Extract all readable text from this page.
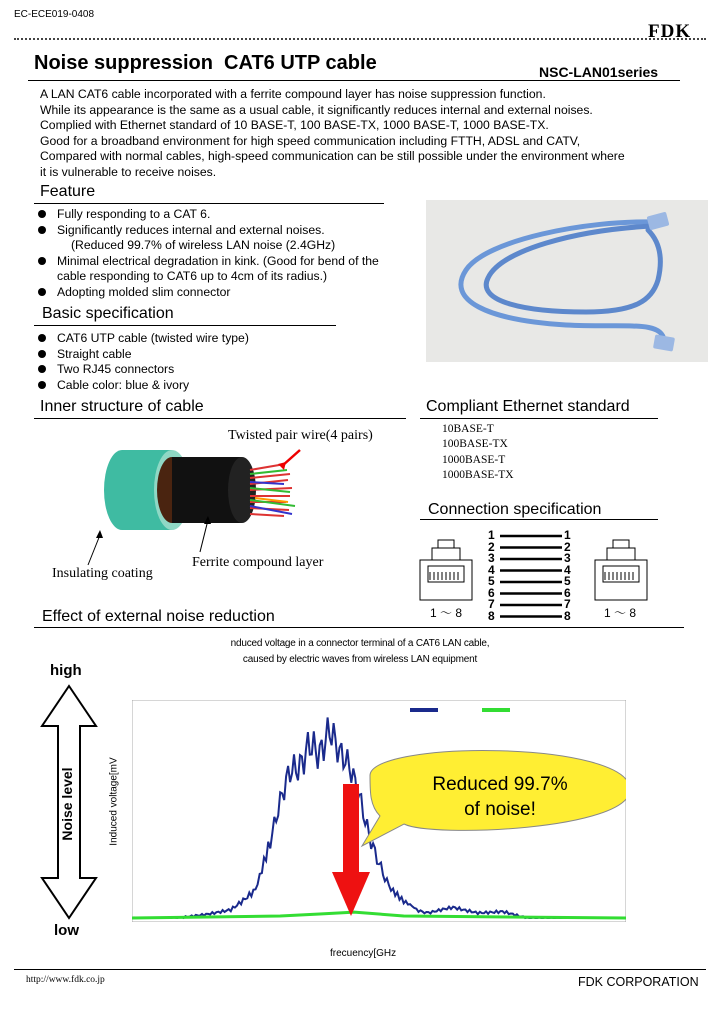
EC-ECE019-0408
FDK
Noise suppression  CAT6 UTP cable	NSC-LAN01series
A LAN CAT6 cable incorporated with a ferrite compound layer has noise suppression function.
While its appearance is the same as a usual cable, it significantly reduces internal and external noises.
Complied with Ethernet standard of 10 BASE-T, 100 BASE-TX, 1000 BASE-T, 1000 BASE-TX.
Good for a broadband environment for high speed communication including FTTH, ADSL and CATV,
Compared with normal cables, high-speed communication can be still possible under the environment where
it is vulnerable to receive noises.
Feature
Fully responding to a CAT 6.
Significantly reduces internal and external noises.
(Reduced 99.7% of wireless LAN noise (2.4GHz)
Minimal electrical degradation in kink. (Good for bend of the
cable responding to CAT6 up to 4cm of its radius.)
Adopting molded slim connector
Basic specification
CAT6 UTP cable (twisted wire type)
Straight cable
Two RJ45 connectors
Cable color: blue & ivory
Inner structure of cable
Twisted pair wire(4 pairs)
Ferrite compound layer
Insulating coating
Compliant Ethernet standard
10BASE-T
100BASE-TX
1000BASE-T
1000BASE-TX
Connection specification
1 〜 8
1
2
3
4
5
6
7
8
1
2
3
4
5
6
7
8	1 〜 8
Effect of external noise reduction
nduced voltage in a connector terminal of a CAT6 LAN cable,
caused by electric waves from wireless LAN equipment
high
low
Noise level	Induced voltage[mV
frecuency[GHz
Reduced 99.7%
of noise!
http://www.fdk.co.jp	FDK CORPORATION
